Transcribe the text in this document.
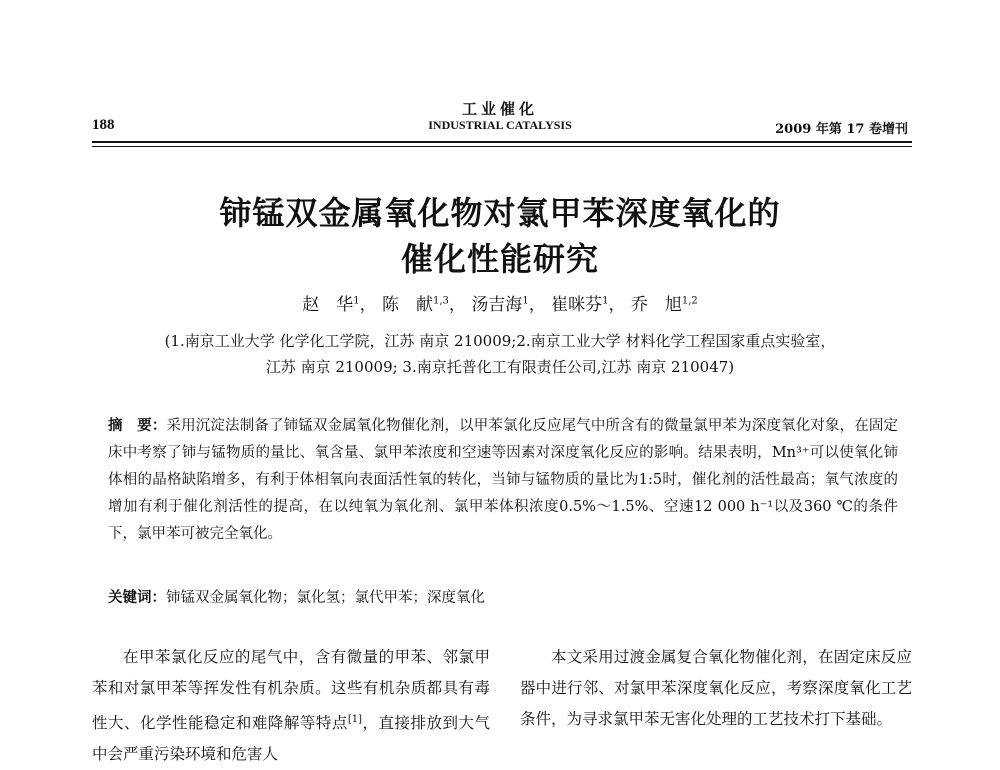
188
工业催化
INDUSTRIAL CATALYSIS	2009 年第 17 卷增刊
铈锰双金属氧化物对氯甲苯深度氧化的
催化性能研究
赵　华$^1$， 陈　献$^{1,3}$， 汤吉海$^1$， 崔咪芬$^1$， 乔　旭$^{1,2}$
(1.南京工业大学 化学化工学院，江苏 南京 210009;2.南京工业大学 材料化学工程国家重点实验室，
江苏 南京 210009; 3.南京托普化工有限责任公司,江苏 南京 210047)
摘　要：采用沉淀法制备了铈锰双金属氧化物催化剂，以甲苯氯化反应尾气中所含有的微量氯甲苯为深度氧化对象，在固定床中考察了铈与锰物质的量比、氧含量、氯甲苯浓度和空速等因素对深度氧化反应的影响。结果表明，Mn³⁺可以使氧化铈体相的晶格缺陷增多，有利于体相氧向表面活性氧的转化，当铈与锰物质的量比为1:5时，催化剂的活性最高；氧气浓度的增加有利于催化剂活性的提高，在以纯氧为氧化剂、氯甲苯体积浓度0.5%～1.5%、空速12 000 h⁻¹以及360 ℃的条件下，氯甲苯可被完全氧化。
关键词：铈锰双金属氧化物；氯化氢；氯代甲苯；深度氧化

在甲苯氯化反应的尾气中，含有微量的甲苯、邻氯甲苯和对氯甲苯等挥发性有机杂质。这些有机杂质都具有毒性大、化学性能稳定和难降解等特点[1]，直接排放到大气中会严重污染环境和危害人

本文采用过渡金属复合氧化物催化剂，在固定床反应器中进行邻、对氯甲苯深度氧化反应，考察深度氧化工艺条件，为寻求氯甲苯无害化处理的工艺技术打下基础。
